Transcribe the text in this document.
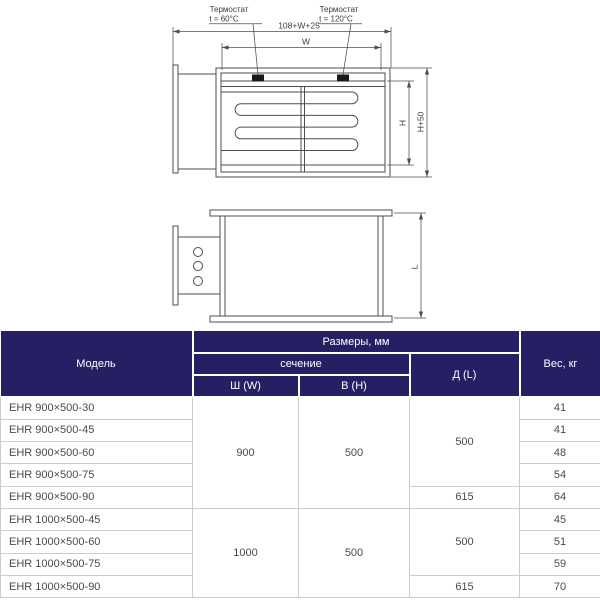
Термостат
t = 60°C
Термостат
t = 120°C
108+W+25
W
H H+50
L
Модель	Размеры, мм			Вес, кг
	сечение		Д (L)	
	Ш (W)	В (H)		
EHR 900×500-30	900	500	500	41
EHR 900×500-45				41
EHR 900×500-60				48
EHR 900×500-75				54
EHR 900×500-90			615	64
EHR 1000×500-45	1000	500	500	45
EHR 1000×500-60				51
EHR 1000×500-75				59
EHR 1000×500-90			615	70
